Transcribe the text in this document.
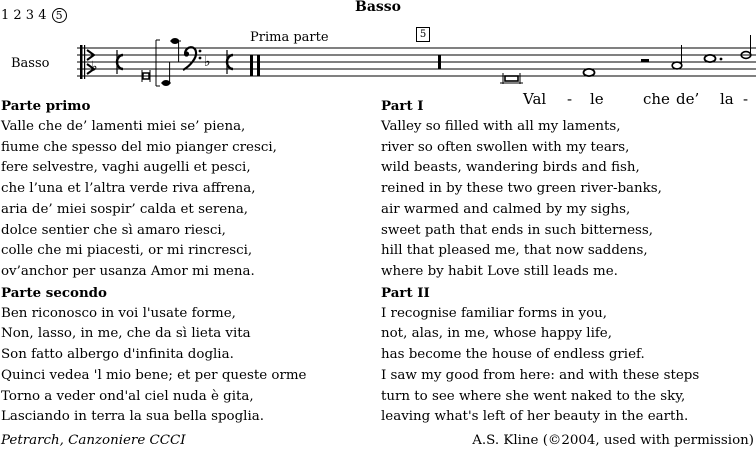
Basso
1 2 3 4 5
Basso
Prima parte	5
♭	♭
Val - le	che de’ la -
Parte primo
Valle che de’ lamenti miei se’ piena,
fiume che spesso del mio pianger cresci,
fere selvestre, vaghi augelli et pesci,
che l’una et l’altra verde riva affrena,
aria de’ miei sospir’ calda et serena,
dolce sentier che sì amaro riesci,
colle che mi piacesti, or mi rincresci,
ov’anchor per usanza Amor mi mena.
Parte secondo
Ben riconosco in voi l'usate forme,
Non, lasso, in me, che da sì lieta vita
Son fatto albergo d'infinita doglia.
Quinci vedea 'l mio bene; et per queste orme
Torno a veder ond'al ciel nuda è gita,
Lasciando in terra la sua bella spoglia.
Part I
Valley so filled with all my laments,
river so often swollen with my tears,
wild beasts, wandering birds and fish,
reined in by these two green river-banks,
air warmed and calmed by my sighs,
sweet path that ends in such bitterness,
hill that pleased me, that now saddens,
where by habit Love still leads me.
Part II
I recognise familiar forms in you,
not, alas, in me, whose happy life,
has become the house of endless grief.
I saw my good from here: and with these steps
turn to see where she went naked to the sky,
leaving what's left of her beauty in the earth.
Petrarch, Canzoniere CCCI	A.S. Kline (©2004, used with permission)
